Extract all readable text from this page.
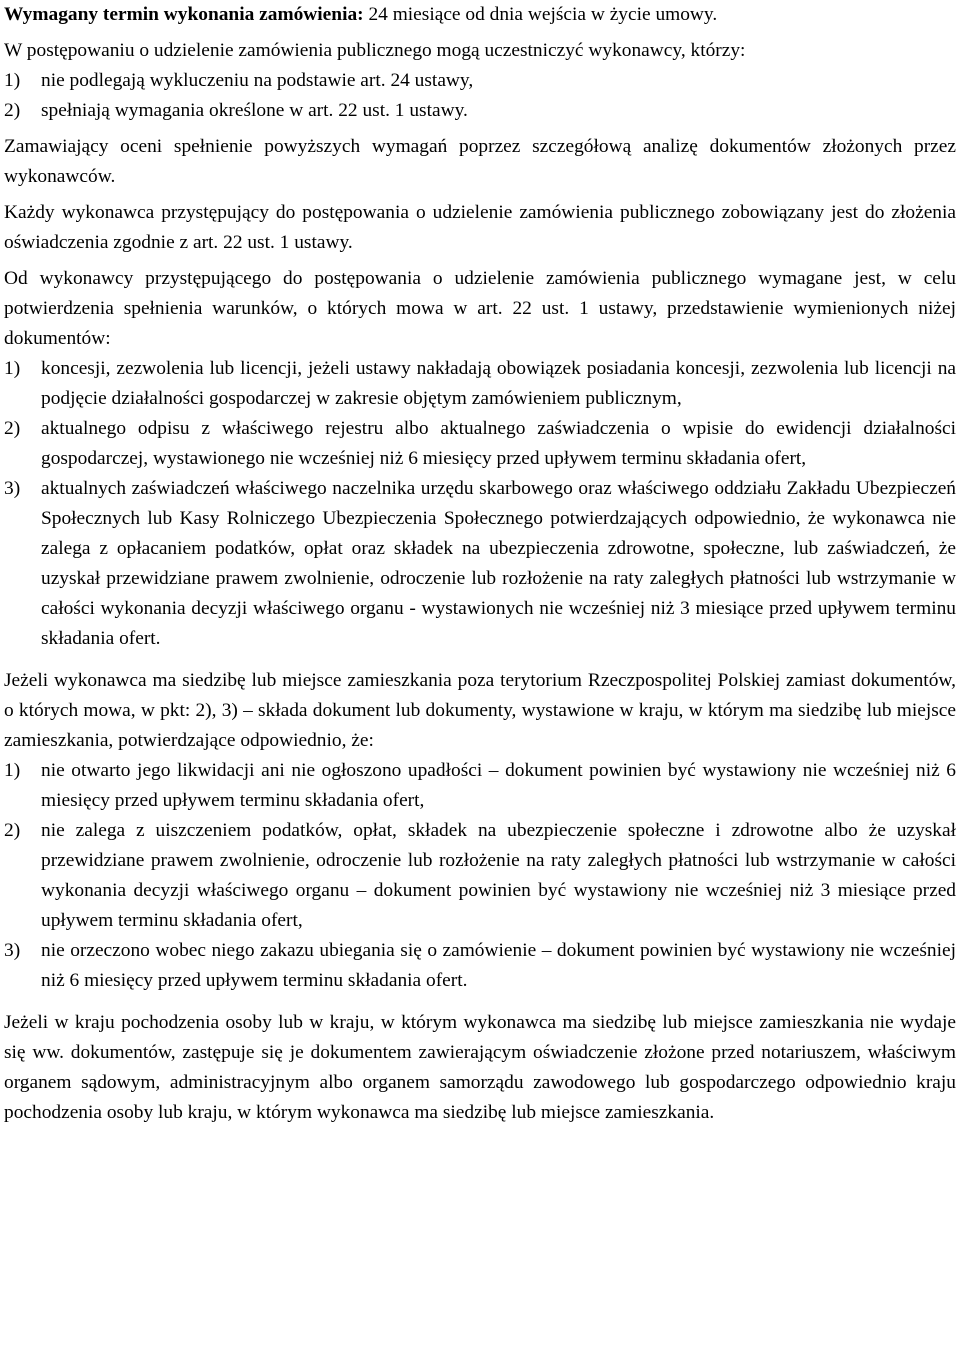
Wymagany termin wykonania zamówienia: 24 miesiące od dnia wejścia w życie umowy.

W postępowaniu o udzielenie zamówienia publicznego mogą uczestniczyć wykonawcy, którzy:

1) nie podlegają wykluczeniu na podstawie art. 24 ustawy,
2) spełniają wymagania określone w art. 22 ust. 1 ustawy.

Zamawiający oceni spełnienie powyższych wymagań poprzez szczegółową analizę dokumentów złożonych przez wykonawców.

Każdy wykonawca przystępujący do postępowania o udzielenie zamówienia publicznego zobowiązany jest do złożenia oświadczenia zgodnie z art. 22 ust. 1 ustawy.

Od wykonawcy przystępującego do postępowania o udzielenie zamówienia publicznego wymagane jest, w celu potwierdzenia spełnienia warunków, o których mowa w art. 22 ust. 1 ustawy, przedstawienie wymienionych niżej dokumentów:

1) koncesji, zezwolenia lub licencji, jeżeli ustawy nakładają obowiązek posiadania koncesji, zezwolenia lub licencji na podjęcie działalności gospodarczej w zakresie objętym zamówieniem publicznym,
2) aktualnego odpisu z właściwego rejestru albo aktualnego zaświadczenia o wpisie do ewidencji działalności gospodarczej, wystawionego nie wcześniej niż 6 miesięcy przed upływem terminu składania ofert,
3) aktualnych zaświadczeń właściwego naczelnika urzędu skarbowego oraz właściwego oddziału Zakładu Ubezpieczeń Społecznych lub Kasy Rolniczego Ubezpieczenia Społecznego potwierdzających odpowiednio, że wykonawca nie zalega z opłacaniem podatków, opłat oraz składek na ubezpieczenia zdrowotne, społeczne, lub zaświadczeń, że uzyskał przewidziane prawem zwolnienie, odroczenie lub rozłożenie na raty zaległych płatności lub wstrzymanie w całości wykonania decyzji właściwego organu - wystawionych nie wcześniej niż 3 miesiące przed upływem terminu składania ofert.

Jeżeli wykonawca ma siedzibę lub miejsce zamieszkania poza terytorium Rzeczpospolitej Polskiej zamiast dokumentów, o których mowa, w pkt: 2), 3) – składa dokument lub dokumenty, wystawione w kraju, w którym ma siedzibę lub miejsce zamieszkania, potwierdzające odpowiednio, że:

1) nie otwarto jego likwidacji ani nie ogłoszono upadłości – dokument powinien być wystawiony nie wcześniej niż 6 miesięcy przed upływem terminu składania ofert,
2) nie zalega z uiszczeniem podatków, opłat, składek na ubezpieczenie społeczne i zdrowotne albo że uzyskał przewidziane prawem zwolnienie, odroczenie lub rozłożenie na raty zaległych płatności lub wstrzymanie w całości wykonania decyzji właściwego organu – dokument powinien być wystawiony nie wcześniej niż 3 miesiące przed upływem terminu składania ofert,
3) nie orzeczono wobec niego zakazu ubiegania się o zamówienie – dokument powinien być wystawiony nie wcześniej niż 6 miesięcy przed upływem terminu składania ofert.

Jeżeli w kraju pochodzenia osoby lub w kraju, w którym wykonawca ma siedzibę lub miejsce zamieszkania nie wydaje się ww. dokumentów, zastępuje się je dokumentem zawierającym oświadczenie złożone przed notariuszem, właściwym organem sądowym, administracyjnym albo organem samorządu zawodowego lub gospodarczego odpowiednio kraju pochodzenia osoby lub kraju, w którym wykonawca ma siedzibę lub miejsce zamieszkania.
